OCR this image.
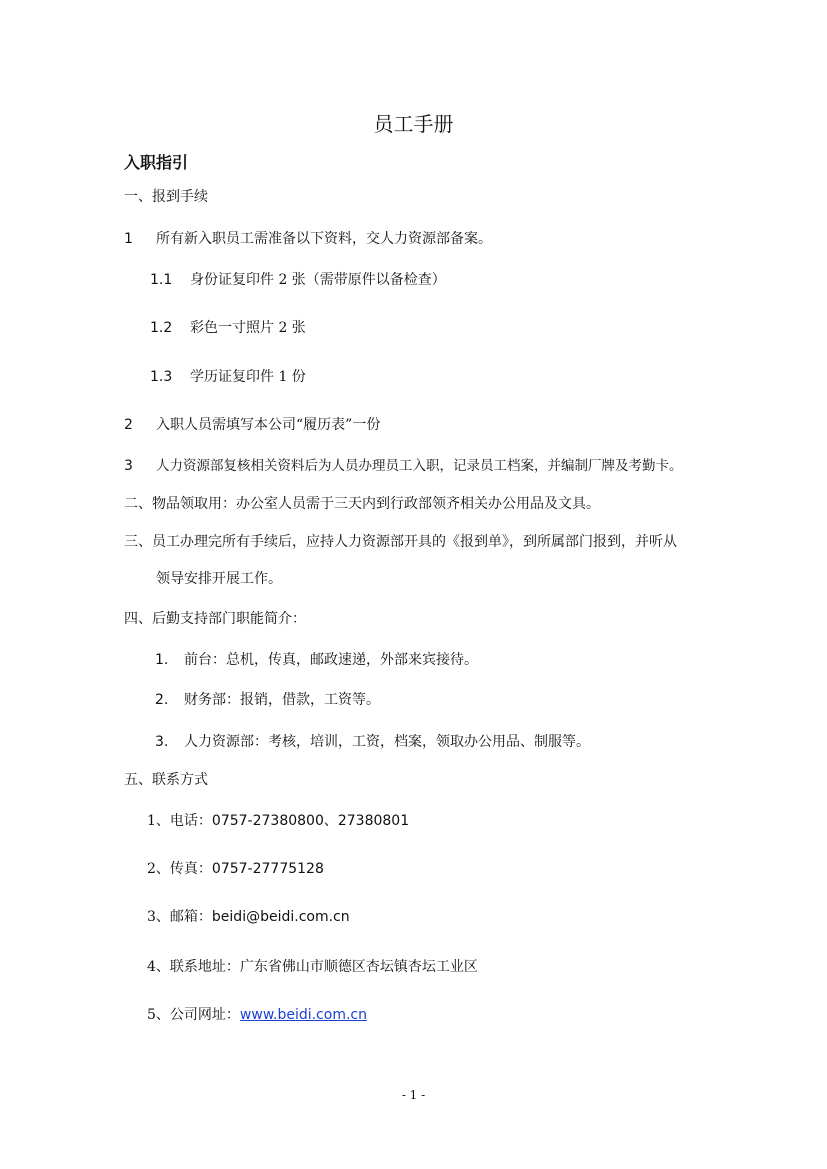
员工手册
入职指引
一、报到手续
1 所有新入职员工需准备以下资料，交人力资源部备案。
1.1 身份证复印件 2 张（需带原件以备检查）
1.2 彩色一寸照片 2 张
1.3 学历证复印件 1 份
2 入职人员需填写本公司“履历表”一份
3 人力资源部复核相关资料后为人员办理员工入职，记录员工档案，并编制厂牌及考勤卡。
二、物品领取用：办公室人员需于三天内到行政部领齐相关办公用品及文具。
三、员工办理完所有手续后，应持人力资源部开具的《报到单》，到所属部门报到，并听从
领导安排开展工作。
四、后勤支持部门职能简介：
1. 前台：总机，传真，邮政速递，外部来宾接待。
2. 财务部：报销，借款，工资等。
3. 人力资源部：考核，培训，工资，档案，领取办公用品、制服等。
五、联系方式
1、电话：0757-27380800、27380801
2、传真：0757-27775128
3、邮箱：beidi@beidi.com.cn
4、联系地址：广东省佛山市顺德区杏坛镇杏坛工业区
5、公司网址：www.beidi.com.cn
- 1 -
